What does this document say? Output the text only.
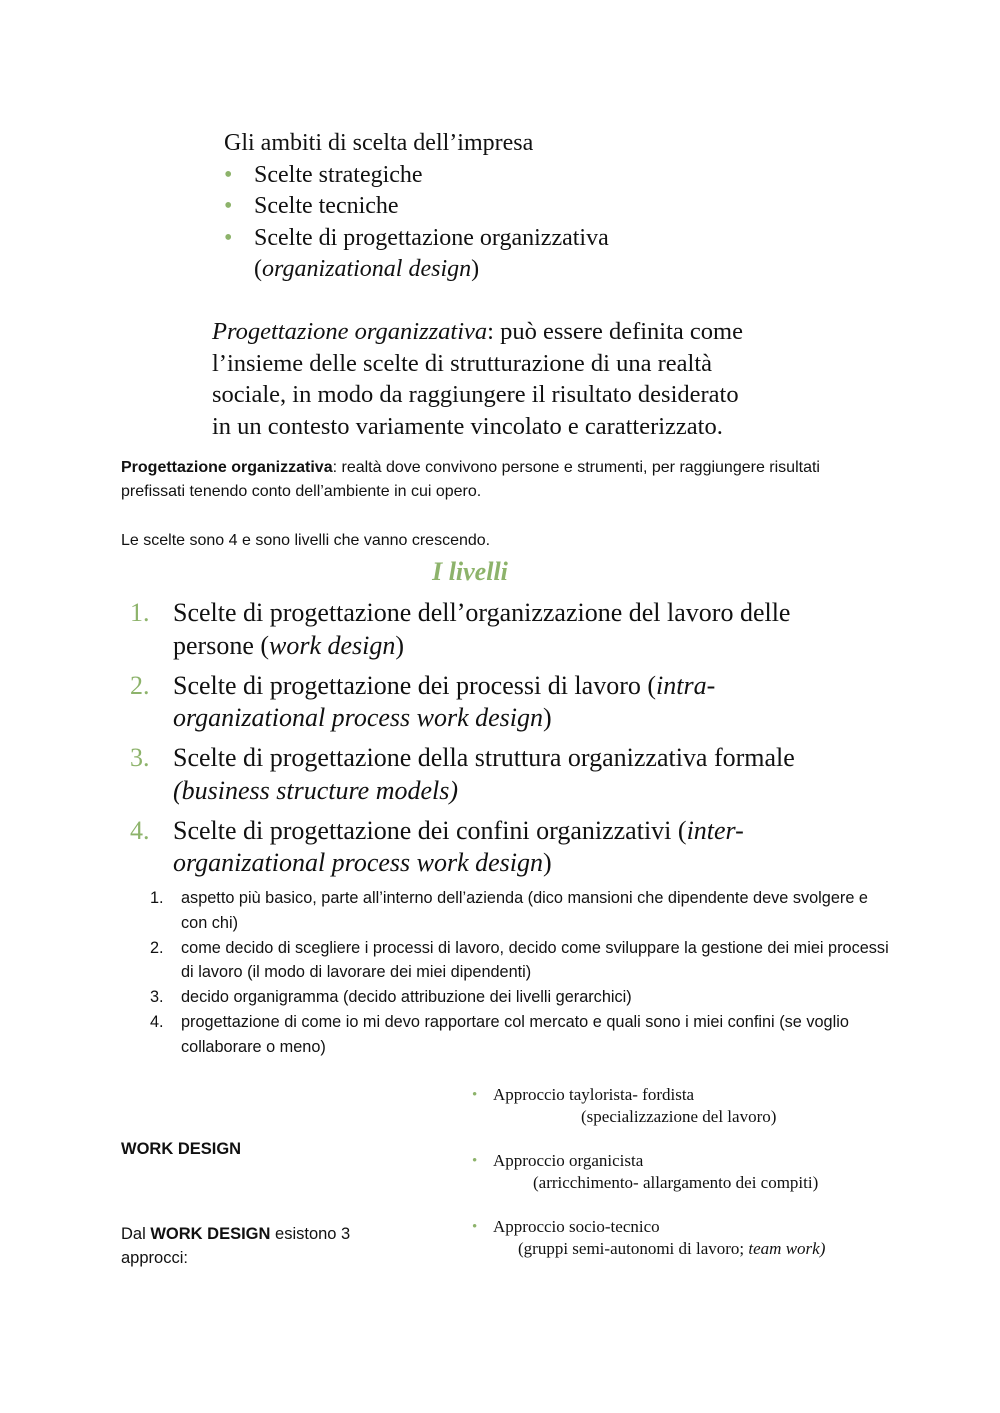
Gli ambiti di scelta dell’impresa
• Scelte strategiche
• Scelte tecniche
• Scelte di progettazione organizzativa
(organizational design)
Progettazione organizzativa: può essere definita come
l’insieme delle scelte di strutturazione di una realtà
sociale, in modo da raggiungere il risultato desiderato
in un contesto variamente vincolato e caratterizzato.
Progettazione organizzativa: realtà dove convivono persone e strumenti, per raggiungere risultati prefissati tenendo conto dell’ambiente in cui opero.
Le scelte sono 4 e sono livelli che vanno crescendo.
I livelli
1. Scelte di progettazione dell’organizzazione del lavoro delle persone (work design)
2. Scelte di progettazione dei processi di lavoro (intra-organizational process work design)
3. Scelte di progettazione della struttura organizzativa formale (business structure models)
4. Scelte di progettazione dei confini organizzativi (inter-organizational process work design)
1. aspetto più basico, parte all’interno dell’azienda (dico mansioni che dipendente deve svolgere e con chi)
2. come decido di scegliere i processi di lavoro, decido come sviluppare la gestione dei miei processi di lavoro (il modo di lavorare dei miei dipendenti)
3. decido organigramma (decido attribuzione dei livelli gerarchici)
4. progettazione di come io mi devo rapportare col mercato e quali sono i miei confini (se voglio collaborare o meno)
WORK DESIGN
Dal WORK DESIGN esistono 3 approcci:
• Approccio taylorista- fordista
(specializzazione del lavoro)
• Approccio organicista
(arricchimento- allargamento dei compiti)
• Approccio socio-tecnico
(gruppi semi-autonomi di lavoro; team work)
